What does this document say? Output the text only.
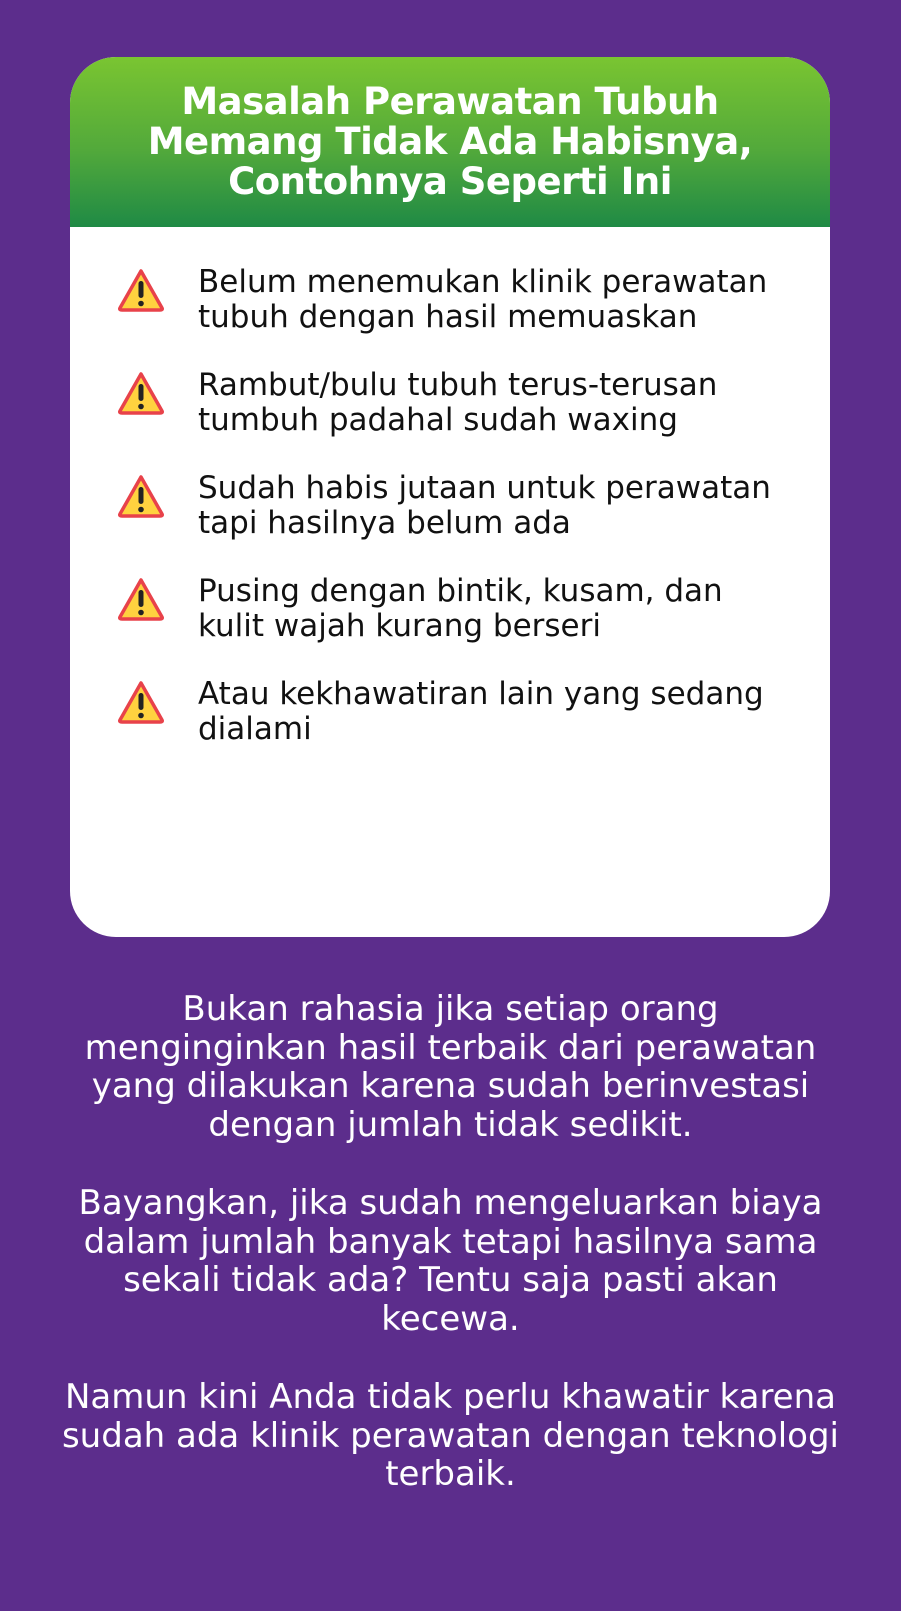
Masalah Perawatan Tubuh Memang Tidak Ada Habisnya, Contohnya Seperti Ini
Belum menemukan klinik perawatan tubuh dengan hasil memuaskan
Rambut/bulu tubuh terus-terusan tumbuh padahal sudah waxing
Sudah habis jutaan untuk perawatan tapi hasilnya belum ada
Pusing dengan bintik, kusam, dan kulit wajah kurang berseri
Atau kekhawatiran lain yang sedang dialami

Bukan rahasia jika setiap orang menginginkan hasil terbaik dari perawatan yang dilakukan karena sudah berinvestasi dengan jumlah tidak sedikit.

Bayangkan, jika sudah mengeluarkan biaya dalam jumlah banyak tetapi hasilnya sama sekali tidak ada? Tentu saja pasti akan kecewa.

Namun kini Anda tidak perlu khawatir karena sudah ada klinik perawatan dengan teknologi terbaik.
